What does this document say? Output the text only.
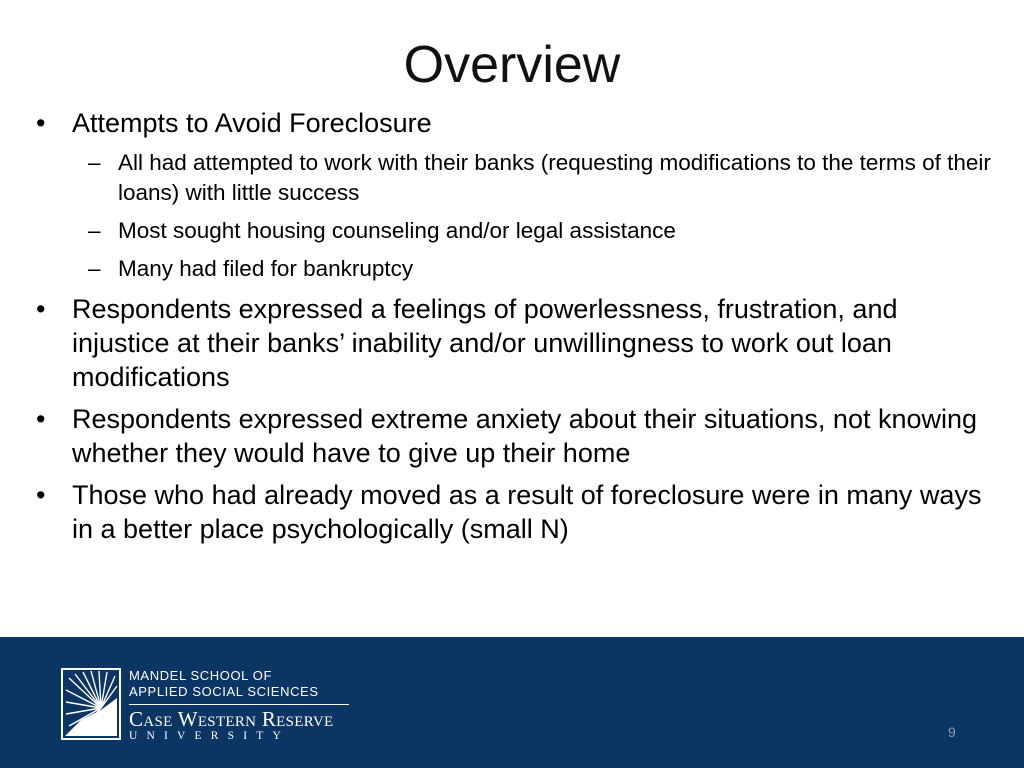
Overview
• Attempts to Avoid Foreclosure
– All had attempted to work with their banks (requesting modifications to the terms of their loans) with little success
– Most sought housing counseling and/or legal assistance
– Many had filed for bankruptcy
• Respondents expressed a feelings of powerlessness, frustration, and injustice at their banks’ inability and/or unwillingness to work out loan modifications
• Respondents expressed extreme anxiety about their situations, not knowing whether they would have to give up their home
• Those who had already moved as a result of foreclosure were in many ways in a better place psychologically (small N)
MANDEL SCHOOL OF
APPLIED SOCIAL SCIENCES
Case Western Reserve
UNIVERSITY	9
